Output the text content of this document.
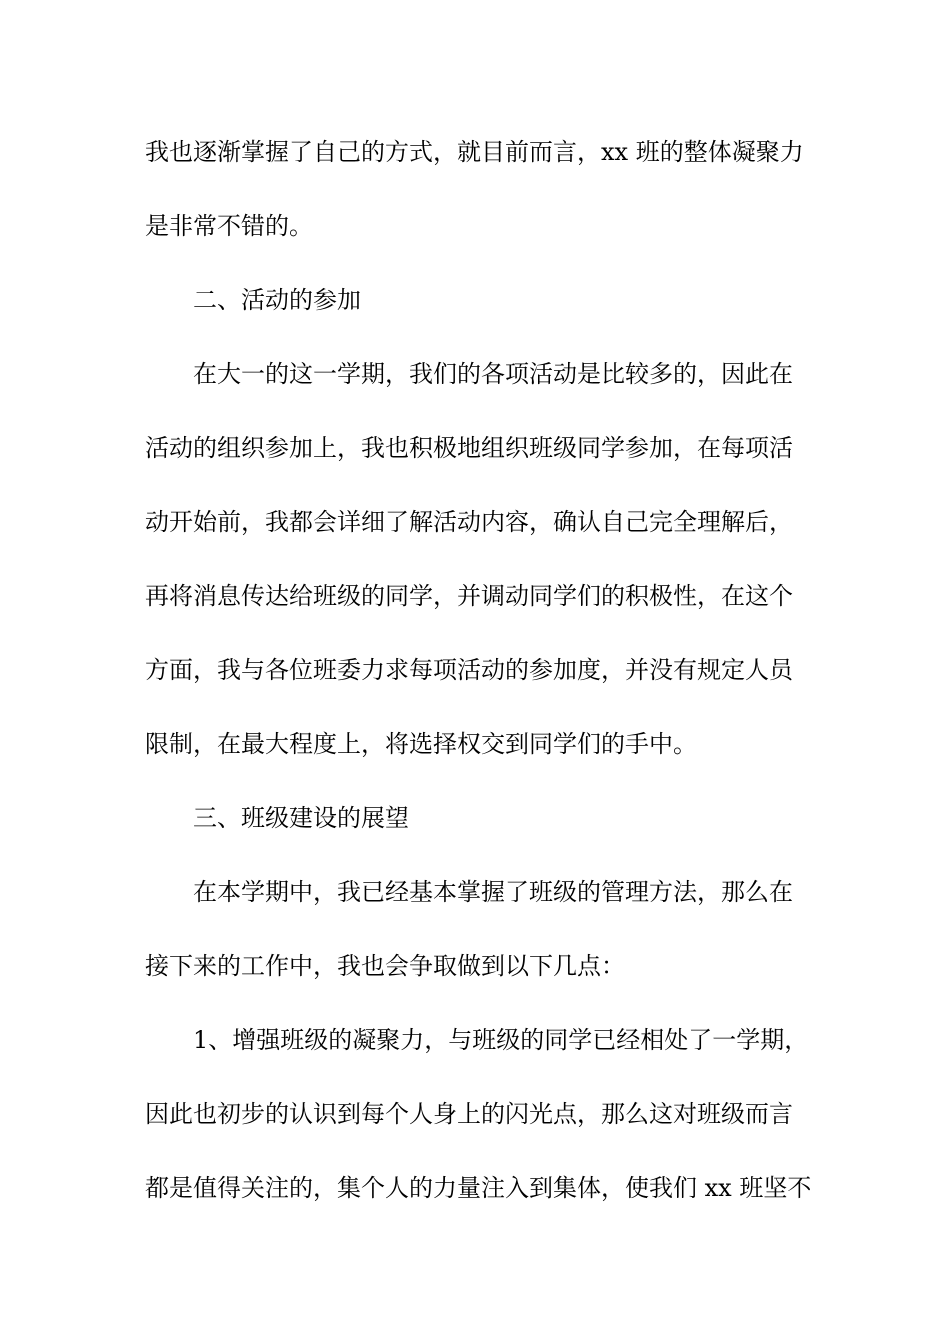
我也逐渐掌握了自己的方式，就目前而言，xx 班的整体凝聚力
是非常不错的。
二、活动的参加
在大一的这一学期，我们的各项活动是比较多的，因此在
活动的组织参加上，我也积极地组织班级同学参加，在每项活
动开始前，我都会详细了解活动内容，确认自己完全理解后，
再将消息传达给班级的同学，并调动同学们的积极性，在这个
方面，我与各位班委力求每项活动的参加度，并没有规定人员
限制，在最大程度上，将选择权交到同学们的手中。
三、班级建设的展望
在本学期中，我已经基本掌握了班级的管理方法，那么在
接下来的工作中，我也会争取做到以下几点：
1、增强班级的凝聚力，与班级的同学已经相处了一学期，
因此也初步的认识到每个人身上的闪光点，那么这对班级而言
都是值得关注的，集个人的力量注入到集体，使我们 xx 班坚不
